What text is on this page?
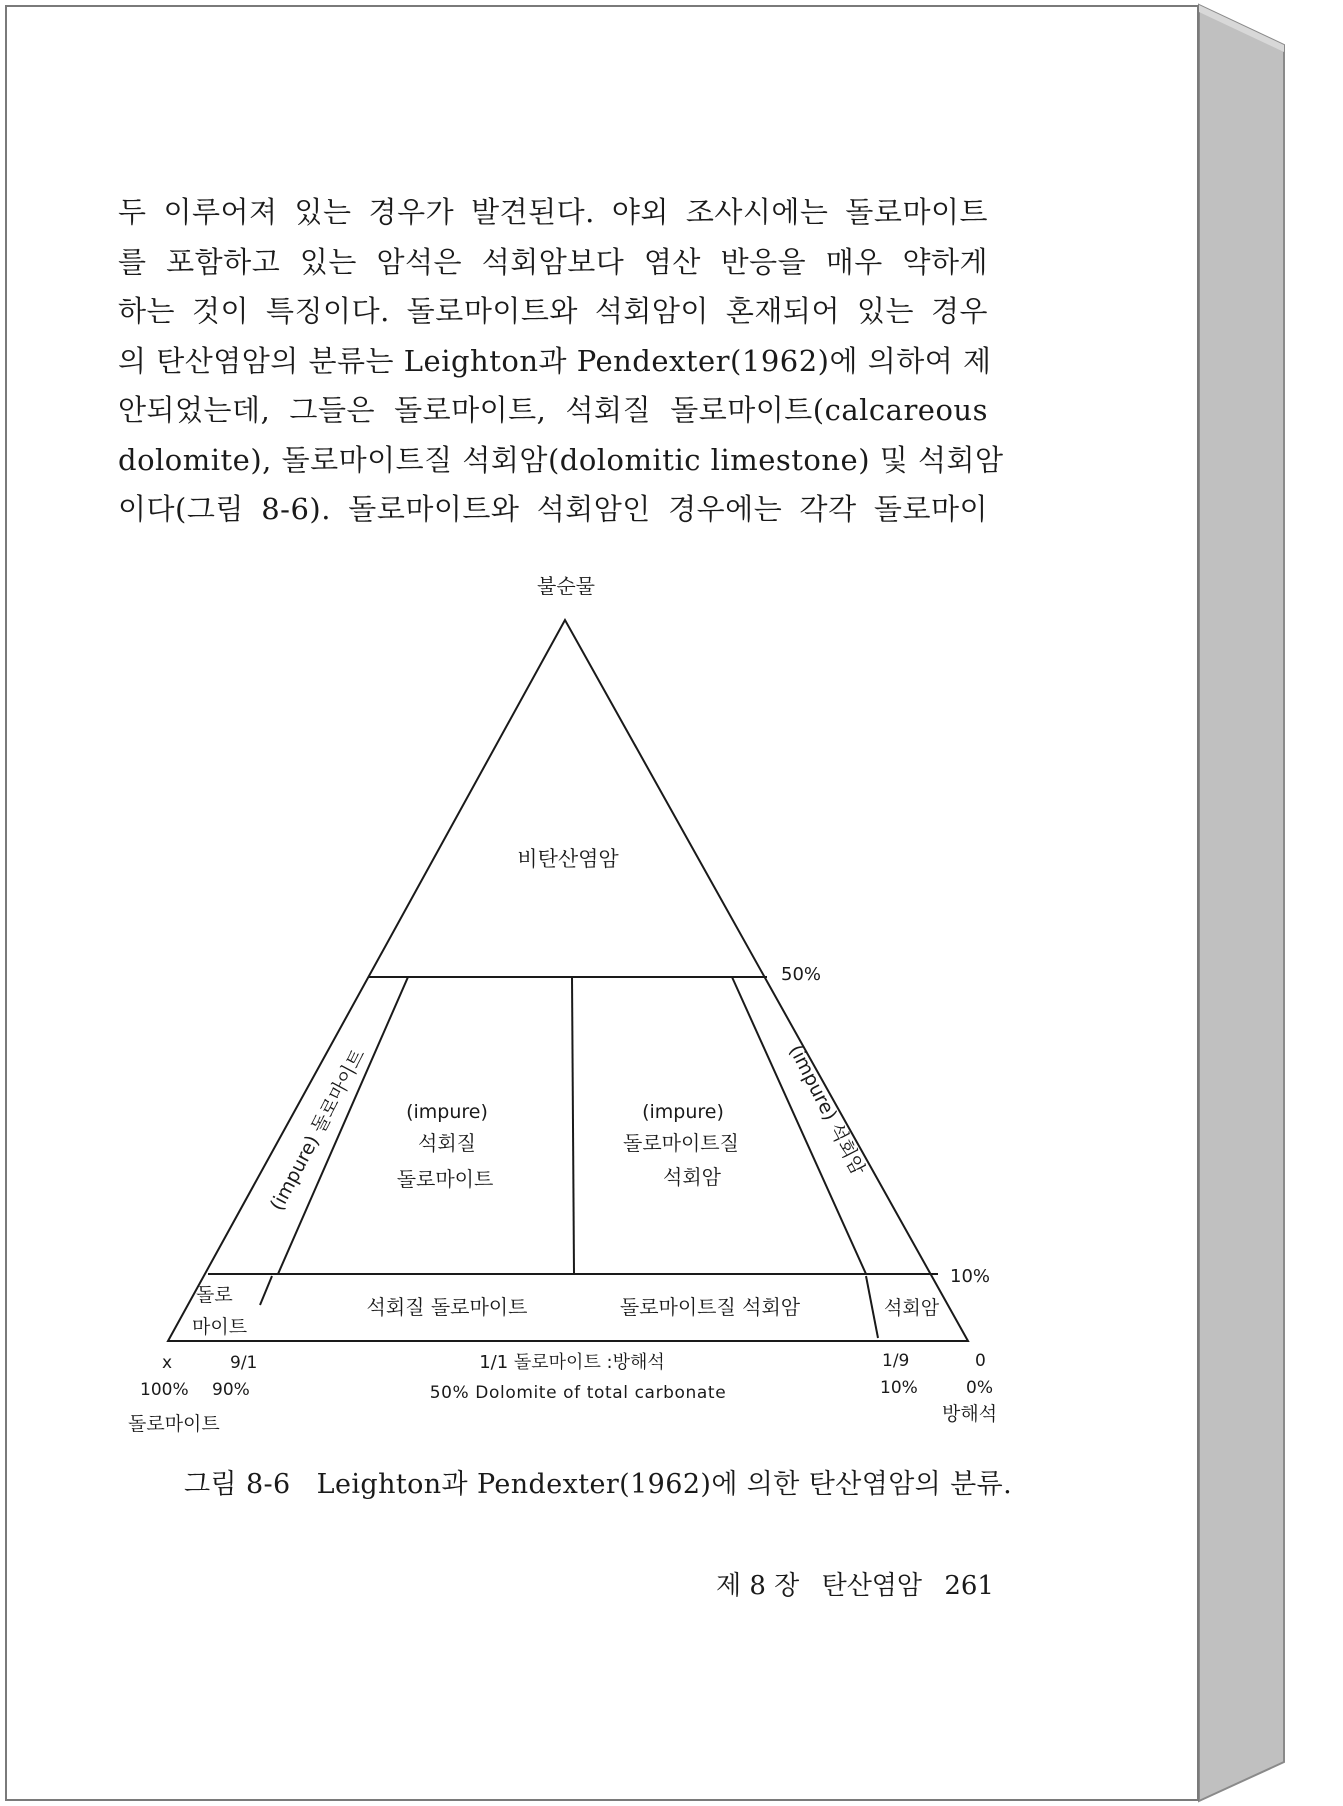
두 이루어져 있는 경우가 발견된다. 야외 조사시에는 돌로마이트
를 포함하고 있는 암석은 석회암보다 염산 반응을 매우 약하게
하는 것이 특징이다. 돌로마이트와 석회암이 혼재되어 있는 경우
의 탄산염암의 분류는 Leighton과 Pendexter(1962)에 의하여 제
안되었는데, 그들은 돌로마이트, 석회질 돌로마이트(calcareous
dolomite), 돌로마이트질 석회암(dolomitic limestone) 및 석회암
이다(그림 8-6). 돌로마이트와 석회암인 경우에는 각각 돌로마이
불순물
비탄산염암
50%
10%
(impure) 돌로마이트	(impure) 석회암
(impure)
석회질
돌로마이트
(impure)
돌로마이트질
석회암
돌로
마이트
석회질 돌로마이트	돌로마이트질 석회암	석회암
x	9/1	1/1 돌로마이트 :방해석	1/9	0
100% 90%	50% Dolomite of total carbonate	10%	0%
돌로마이트	방해석
그림 8-6 Leighton과 Pendexter(1962)에 의한 탄산염암의 분류.
제 8 장 탄산염암 261
